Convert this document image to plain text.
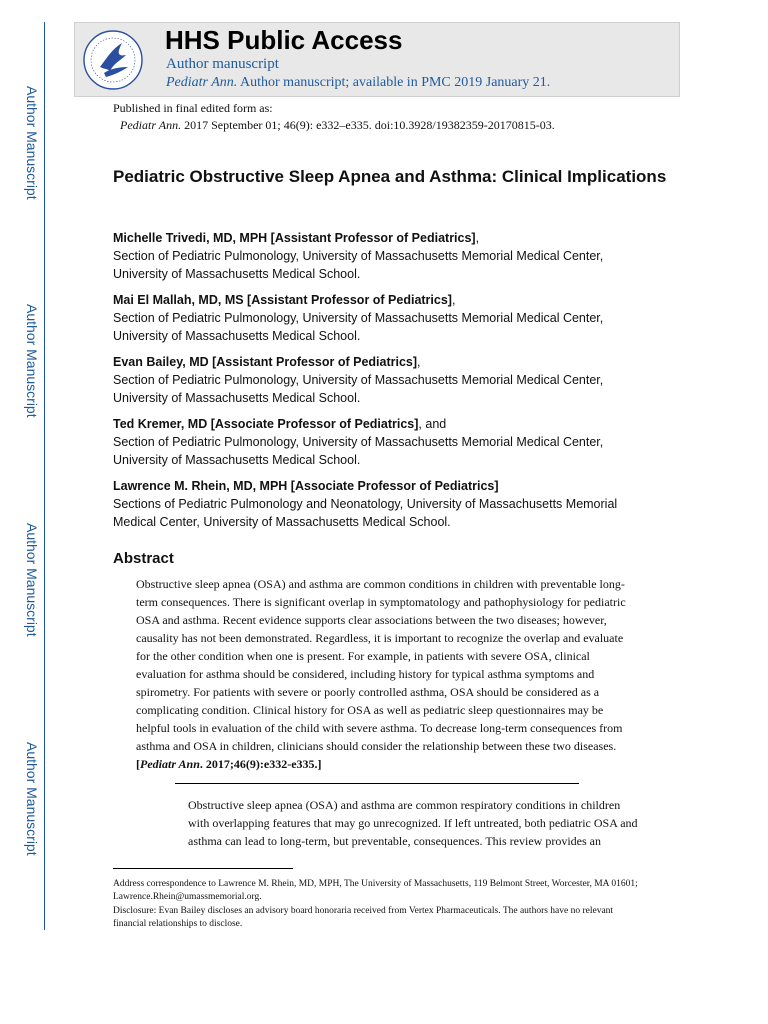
Author Manuscript
Author Manuscript
Author Manuscript
Author Manuscript
HHS Public Access
Author manuscript
Pediatr Ann. Author manuscript; available in PMC 2019 January 21.
Published in final edited form as:
Pediatr Ann. 2017 September 01; 46(9): e332–e335. doi:10.3928/19382359-20170815-03.
Pediatric Obstructive Sleep Apnea and Asthma: Clinical Implications
Michelle Trivedi, MD, MPH [Assistant Professor of Pediatrics],
Section of Pediatric Pulmonology, University of Massachusetts Memorial Medical Center,
University of Massachusetts Medical School.
Mai El Mallah, MD, MS [Assistant Professor of Pediatrics],
Section of Pediatric Pulmonology, University of Massachusetts Memorial Medical Center,
University of Massachusetts Medical School.
Evan Bailey, MD [Assistant Professor of Pediatrics],
Section of Pediatric Pulmonology, University of Massachusetts Memorial Medical Center,
University of Massachusetts Medical School.
Ted Kremer, MD [Associate Professor of Pediatrics], and
Section of Pediatric Pulmonology, University of Massachusetts Memorial Medical Center,
University of Massachusetts Medical School.
Lawrence M. Rhein, MD, MPH [Associate Professor of Pediatrics]
Sections of Pediatric Pulmonology and Neonatology, University of Massachusetts Memorial
Medical Center, University of Massachusetts Medical School.
Abstract
Obstructive sleep apnea (OSA) and asthma are common conditions in children with preventable long-term consequences. There is significant overlap in symptomatology and pathophysiology for pediatric OSA and asthma. Recent evidence supports clear associations between the two diseases; however, causality has not been demonstrated. Regardless, it is important to recognize the overlap and evaluate for the other condition when one is present. For example, in patients with severe OSA, clinical evaluation for asthma should be considered, including history for typical asthma symptoms and spirometry. For patients with severe or poorly controlled asthma, OSA should be considered as a complicating condition. Clinical history for OSA as well as pediatric sleep questionnaires may be helpful tools in evaluation of the child with severe asthma. To decrease long-term consequences from asthma and OSA in children, clinicians should consider the relationship between these two diseases. [Pediatr Ann. 2017;46(9):e332-e335.]
Obstructive sleep apnea (OSA) and asthma are common respiratory conditions in children with overlapping features that may go unrecognized. If left untreated, both pediatric OSA and asthma can lead to long-term, but preventable, consequences. This review provides an

Address correspondence to Lawrence M. Rhein, MD, MPH, The University of Massachusetts, 119 Belmont Street, Worcester, MA 01601; Lawrence.Rhein@umassmemorial.org.

Disclosure: Evan Bailey discloses an advisory board honoraria received from Vertex Pharmaceuticals. The authors have no relevant financial relationships to disclose.
